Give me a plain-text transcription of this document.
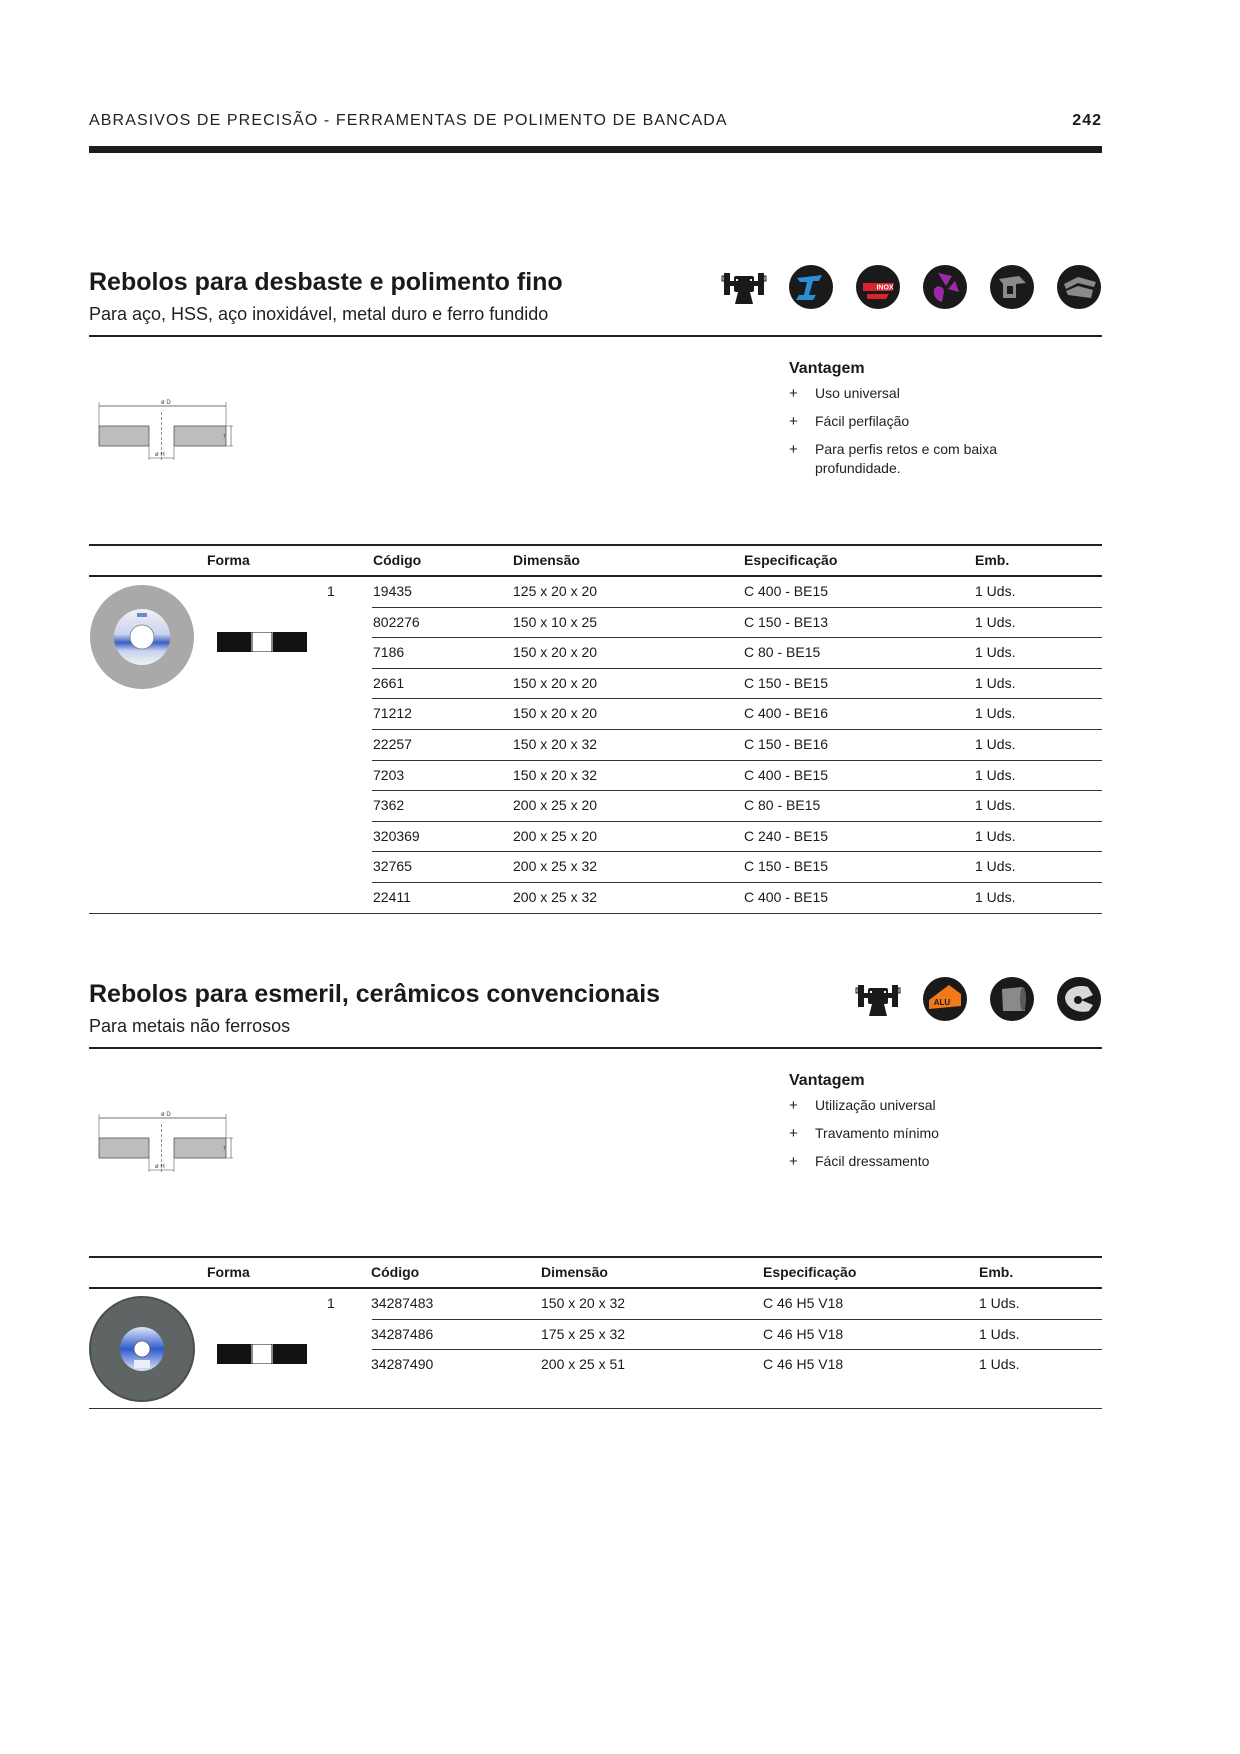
ABRASIVOS DE PRECISÃO - FERRAMENTAS DE POLIMENTO DE BANCADA	242
Rebolos para desbaste e polimento fino
Para aço, HSS, aço inoxidável, metal duro e ferro fundido
INOX
ø D
ø H
T
Vantagem
+	Uso universal
+	Fácil perfilação
+	Para perfis retos e com baixa profundidade.
Forma	Código	Dimensão	Especificação	Emb.
1	19435	125 x 20 x 20	C 400 - BE15	1 Uds.
802276	150 x 10 x 25	C 150 - BE13	1 Uds.
7186	150 x 20 x 20	C 80 - BE15	1 Uds.
2661	150 x 20 x 20	C 150 - BE15	1 Uds.
71212	150 x 20 x 20	C 400 - BE16	1 Uds.
22257	150 x 20 x 32	C 150 - BE16	1 Uds.
7203	150 x 20 x 32	C 400 - BE15	1 Uds.
7362	200 x 25 x 20	C 80 - BE15	1 Uds.
320369	200 x 25 x 20	C 240 - BE15	1 Uds.
32765	200 x 25 x 32	C 150 - BE15	1 Uds.
22411	200 x 25 x 32	C 400 - BE15	1 Uds.
Rebolos para esmeril, cerâmicos convencionais
Para metais não ferrosos
ALU
ø D
ø H
T
Vantagem
+	Utilização universal
+	Travamento mínimo
+	Fácil dressamento
Forma	Código	Dimensão	Especificação	Emb.
1	34287483	150 x 20 x 32	C 46 H5 V18	1 Uds.
34287486	175 x 25 x 32	C 46 H5 V18	1 Uds.
34287490	200 x 25 x 51	C 46 H5 V18	1 Uds.
